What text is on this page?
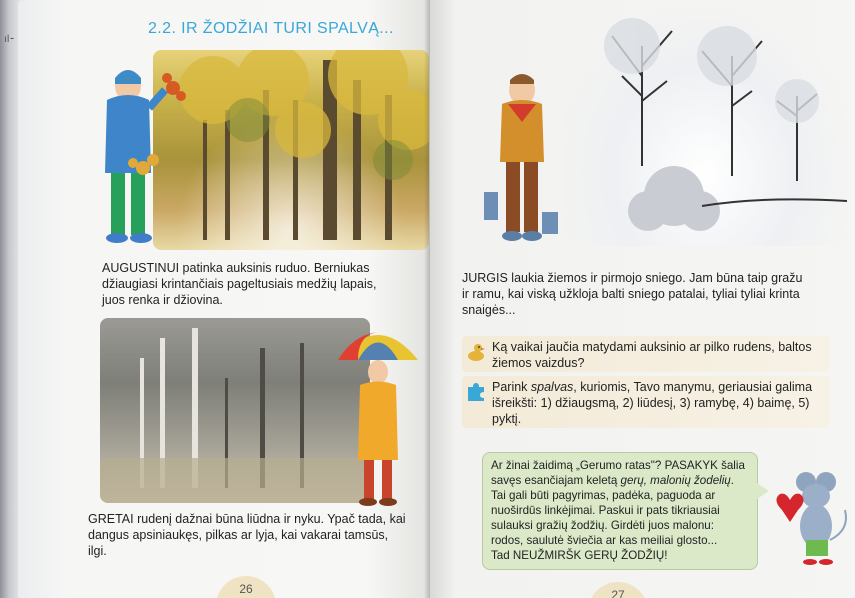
ıl⁃
2.2. IR ŽODŽIAI TURI SPALVĄ...
AUGUSTINUI patinka auksinis ruduo. Berniukas džiaugiasi krintančiais pageltusiais medžių lapais, juos renka ir džiovina.
GRETAI rudenį dažnai būna liūdna ir nyku. Ypač tada, kai dangus apsiniaukęs, pilkas ar lyja, kai vakarai tamsūs, ilgi.
26
JURGIS laukia žiemos ir pirmojo sniego. Jam būna taip gražu ir ramu, kai viską užkloja balti sniego patalai, tyliai tyliai krinta snaigės...
Ką vaikai jaučia matydami auksinio ar pilko rudens, baltos žiemos vaizdus?
Parink spalvas, kuriomis, Tavo manymu, geriausiai galima išreikšti: 1) džiaugsmą, 2) liūdesį, 3) ramybę, 4) baimę, 5) pyktį.
Ar žinai žaidimą „Gerumo ratas"? PASAKYK šalia
savęs esančiajam keletą gerų, malonių žodelių.
Tai gali būti pagyrimas, padėka, paguoda ar
nuoširdūs linkėjimai. Paskui ir pats tikriausiai
sulauksi gražių žodžių. Girdėti juos malonu:
rodos, saulutė šviečia ar kas meiliai glosto...
Tad NEUŽMIRŠK GERŲ ŽODŽIŲ!
27
